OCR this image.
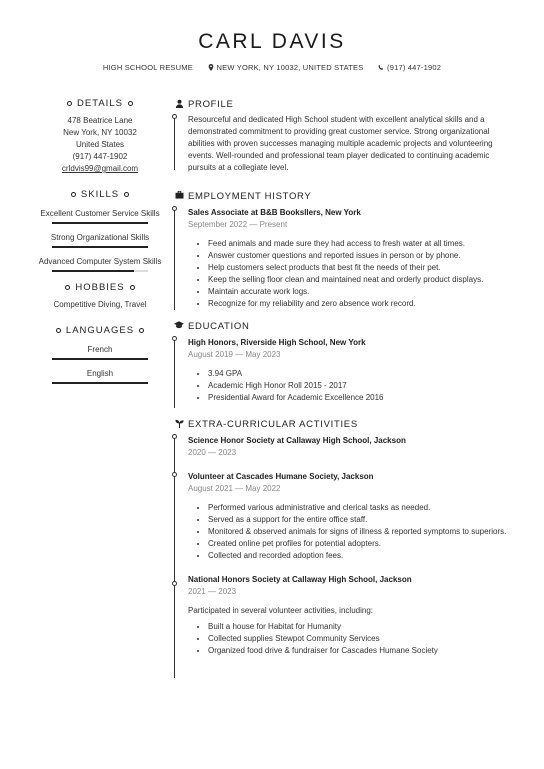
CARL DAVIS
HIGH SCHOOL RESUME	NEW YORK, NY 10032, UNITED STATES	(917) 447-1902
DETAILS
478 Beatrice Lane
New York, NY 10032
United States
(917) 447-1902
crldvis99@gmail.com
SKILLS
Excellent Customer Service Skills
Strong Organizational Skills
Advanced Computer System Skills
HOBBIES
Competitive Diving, Travel
LANGUAGES
French
English
PROFILE
Resourceful and dedicated High School student with excellent analytical skills and a demonstrated commitment to providing great customer service. Strong organizational abilities with proven successes managing multiple academic projects and volunteering events. Well-rounded and professional team player dedicated to continuing academic pursuits at a collegiate level.
EMPLOYMENT HISTORY
Sales Associate at B&B Booksllers, New York
September 2022 — Present
• Feed animals and made sure they had access to fresh water at all times.
• Answer customer questions and reported issues in person or by phone.
• Help customers select products that best fit the needs of their pet.
• Keep the selling floor clean and maintained neat and orderly product displays.
• Maintain accurate work logs.
• Recognize for my reliability and zero absence work record.
EDUCATION
High Honors, Riverside High School, New York
August 2019 — May 2023
• 3.94 GPA
• Academic High Honor Roll 2015 - 2017
• Presidential Award for Academic Excellence 2016
EXTRA-CURRICULAR ACTIVITIES
Science Honor Society at Callaway High School, Jackson
2020 — 2023
Volunteer at Cascades Humane Society, Jackson
August 2021 — May 2022
• Performed various administrative and clerical tasks as needed.
• Served as a support for the entire office staff.
• Monitored & observed animals for signs of illness & reported symptoms to superiors.
• Created online pet profiles for potential adopters.
• Collected and recorded adoption fees.
National Honors Society at Callaway High School, Jackson
2021 — 2023

Participated in several volunteer activities, including:

• Built a house for Habitat for Humanity
• Collected supplies Stewpot Community Services
• Organized food drive & fundraiser for Cascades Humane Society
